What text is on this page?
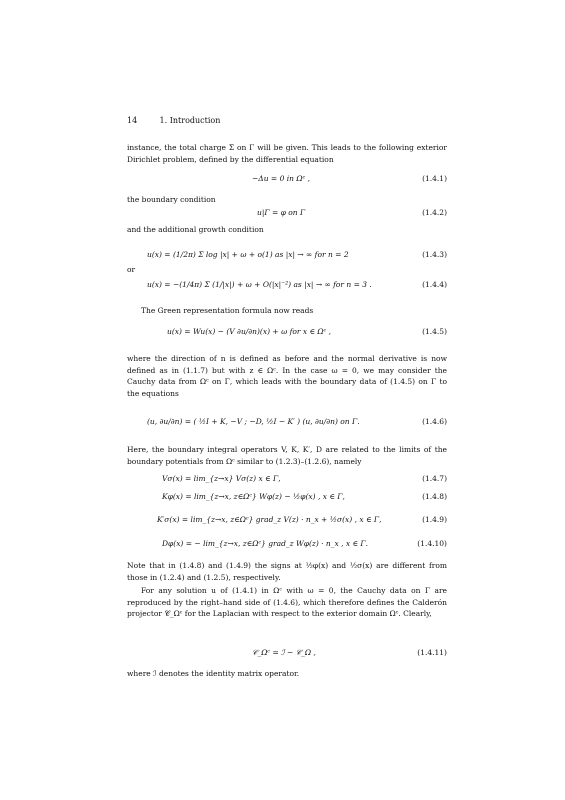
14	1. Introduction
instance, the total charge Σ on Γ will be given. This leads to the following exterior Dirichlet problem, defined by the differential equation
−Δu = 0 in Ωᶜ ,	(1.4.1)
the boundary condition
u|Γ = φ on Γ	(1.4.2)
and the additional growth condition
u(x) = (1/2π) Σ log |x| + ω + o(1) as |x| → ∞ for n = 2	(1.4.3)
or
u(x) = −(1/4π) Σ (1/|x|) + ω + O(|x|⁻²) as |x| → ∞ for n = 3 .	(1.4.4)
The Green representation formula now reads
u(x) = Wu(x) − (V ∂u/∂n)(x) + ω for x ∈ Ωᶜ ,	(1.4.5)
where the direction of n is defined as before and the normal derivative is now defined as in (1.1.7) but with z ∈ Ωᶜ. In the case ω = 0, we may consider the Cauchy data from Ωᶜ on Γ, which leads with the boundary data of (1.4.5) on Γ to the equations
(u, ∂u/∂n) = ( ½I + K, −V ; −D, ½I − K′ ) (u, ∂u/∂n) on Γ.	(1.4.6)
Here, the boundary integral operators V, K, K′, D are related to the limits of the boundary potentials from Ωᶜ similar to (1.2.3)–(1.2.6), namely
Vσ(x) = lim_{z→x} Vσ(z) x ∈ Γ,	(1.4.7)
Kφ(x) = lim_{z→x, z∈Ωᶜ} Wφ(z) − ½φ(x) , x ∈ Γ,	(1.4.8)
K′σ(x) = lim_{z→x, z∈Ωᶜ} grad_z V(z) · n_x + ½σ(x) , x ∈ Γ,	(1.4.9)
Dφ(x) = − lim_{z→x, z∈Ωᶜ} grad_z Wφ(z) · n_x , x ∈ Γ.	(1.4.10)
Note that in (1.4.8) and (1.4.9) the signs at ½φ(x) and ½σ(x) are different from those in (1.2.4) and (1.2.5), respectively.
For any solution u of (1.4.1) in Ωᶜ with ω = 0, the Cauchy data on Γ are reproduced by the right–hand side of (1.4.6), which therefore defines the Calderón projector 𝒞_Ωᶜ for the Laplacian with respect to the exterior domain Ωᶜ. Clearly,
𝒞_Ωᶜ = ℐ − 𝒞_Ω ,	(1.4.11)
where ℐ denotes the identity matrix operator.
